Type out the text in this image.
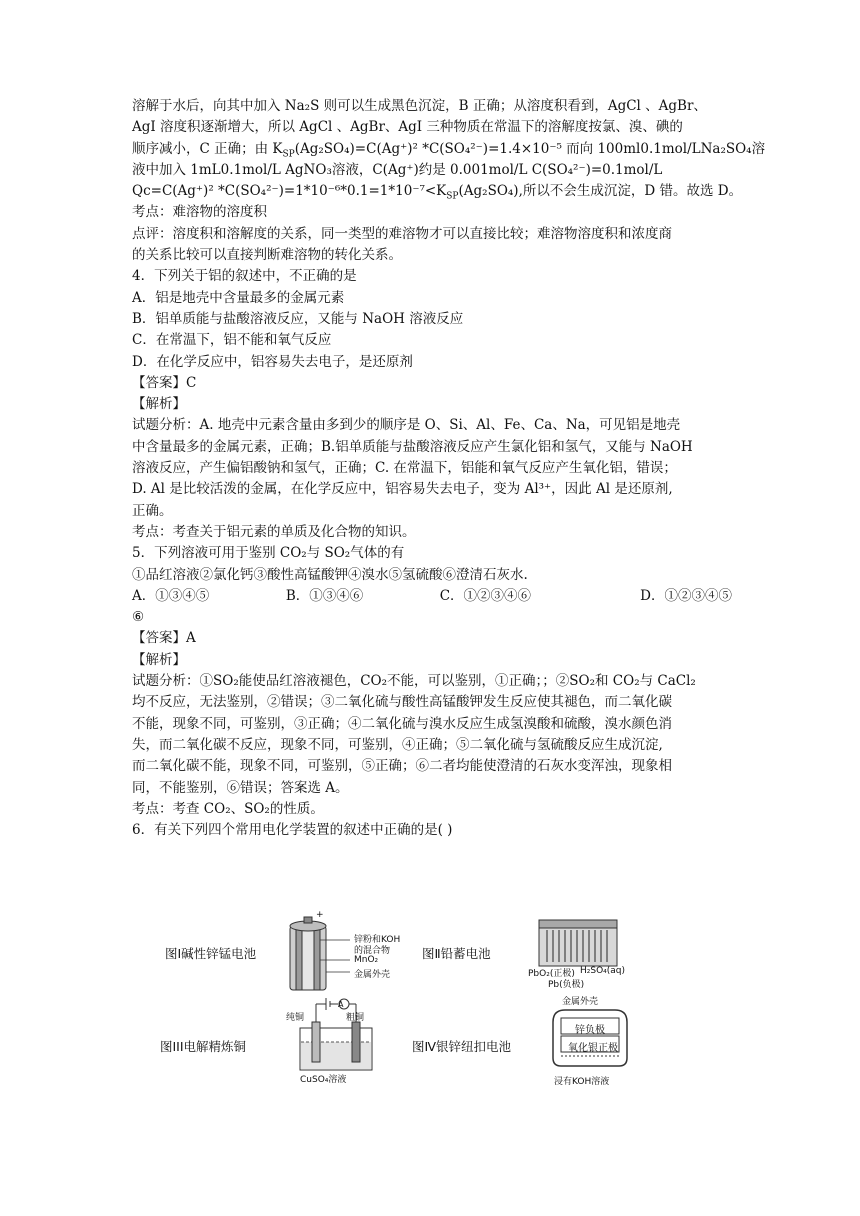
溶解于水后，向其中加入 Na₂S 则可以生成黑色沉淀，B 正确；从溶度积看到，AgCl 、AgBr、
AgI 溶度积逐渐增大，所以 AgCl 、AgBr、AgI 三种物质在常温下的溶解度按氯、溴、碘的
顺序减小，C 正确；由 $K_{SP}(Ag_2SO_4)=C(Ag^+)^2$ *C(SO₄²⁻)=1.4×10⁻⁵ 而向 100ml0.1mol/LNa₂SO₄溶
液中加入 1mL0.1mol/L AgNO₃溶液，C(Ag⁺)约是 0.001mol/L C(SO₄²⁻)=0.1mol/L
Qc=C(Ag⁺)² $*C(SO_4^{2-})=1*10^{-6}*0.1=1*10^{-7}<K_{SP}(Ag_2SO_4)$,所以不会生成沉淀，D 错。故选 D。
考点：难溶物的溶度积
点评：溶度积和溶解度的关系，同一类型的难溶物才可以直接比较；难溶物溶度积和浓度商
的关系比较可以直接判断难溶物的转化关系。
4．下列关于铝的叙述中，不正确的是
A．铝是地壳中含量最多的金属元素
B．铝单质能与盐酸溶液反应，又能与 NaOH 溶液反应
C．在常温下，铝不能和氧气反应
D．在化学反应中，铝容易失去电子，是还原剂
【答案】C
【解析】
试题分析：A. 地壳中元素含量由多到少的顺序是 O、Si、Al、Fe、Ca、Na，可见铝是地壳
中含量最多的金属元素，正确；B.铝单质能与盐酸溶液反应产生氯化铝和氢气，又能与 NaOH
溶液反应，产生偏铝酸钠和氢气，正确；C. 在常温下，铝能和氧气反应产生氧化铝，错误；
D. Al 是比较活泼的金属，在化学反应中，铝容易失去电子，变为 Al³⁺，因此 Al 是还原剂,
正确。
考点：考查关于铝元素的单质及化合物的知识。
5．下列溶液可用于鉴别 CO₂与 SO₂气体的有
①品红溶液②氯化钙③酸性高锰酸钾④溴水⑤氢硫酸⑥澄清石灰水.
A．①③④⑤	B．①③④⑥	C．①②③④⑥	D．①②③④⑤
⑥
【答案】A
【解析】
试题分析：①SO₂能使品红溶液褪色，CO₂不能，可以鉴别，①正确；；②SO₂和 CO₂与 CaCl₂
均不反应，无法鉴别，②错误；③二氧化硫与酸性高锰酸钾发生反应使其褪色，而二氧化碳
不能，现象不同，可鉴别，③正确；④二氧化硫与溴水反应生成氢溴酸和硫酸，溴水颜色消
失，而二氧化碳不反应，现象不同，可鉴别，④正确；⑤二氧化硫与氢硫酸反应生成沉淀,
而二氧化碳不能，现象不同，可鉴别，⑤正确；⑥二者均能使澄清的石灰水变浑浊，现象相
同，不能鉴别，⑥错误；答案选 A。
考点：考查 CO₂、SO₂的性质。
6．有关下列四个常用电化学装置的叙述中正确的是( )
图Ⅰ碱性锌锰电池	图Ⅱ铅蓄电池
图III电解精炼铜	图Ⅳ银锌纽扣电池
+
锌粉和KOH
的混合物
MnO₂
金属外壳	PbO₂(正极) H₂SO₄(aq)
Pb(负极)
A
纯铜	粗铜
CuSO₄溶液
金属外壳
锌负极
氧化银正极
浸有KOH溶液
